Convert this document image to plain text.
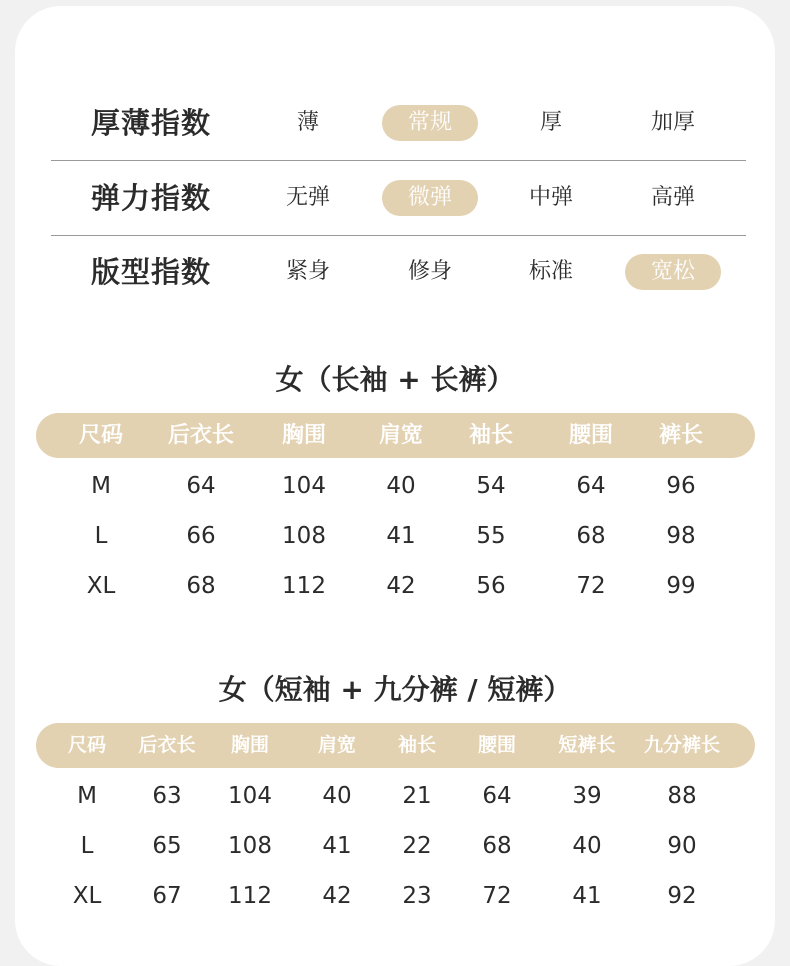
厚薄指数	薄	常规	厚	加厚
弹力指数	无弹	微弹	中弹	高弹
版型指数	紧身	修身	标准	宽松
女（长袖 + 长裤）
尺码 后衣长 胸围 肩宽 袖长	腰围 裤长
M	64	104	40	54	64	96
L	66	108	41	55	68	98
XL	68	112	42	56	72	99
女（短袖 + 九分裤 / 短裤）
尺码 后衣长 胸围	肩宽 袖长 腰围 短裤长 九分裤长
M 63 104 40 21 64	39	88
L	65 108 41 22 68	40	90
XL 67 112 42 23 72	41	92
